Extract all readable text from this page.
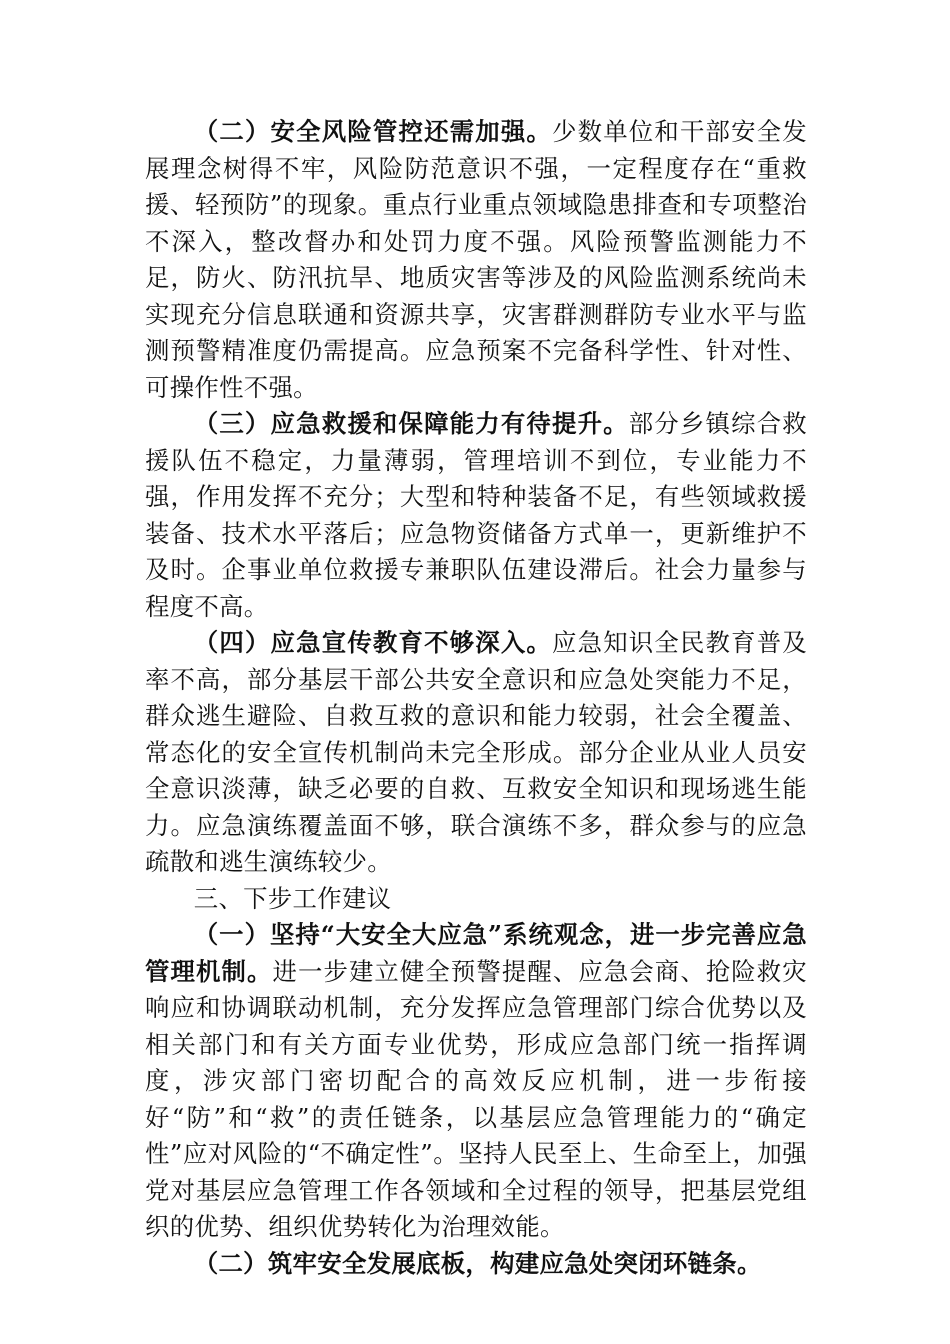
（二）安全风险管控还需加强。少数单位和干部安全发展理念树得不牢，风险防范意识不强，一定程度存在“重救援、轻预防”的现象。重点行业重点领域隐患排查和专项整治不深入，整改督办和处罚力度不强。风险预警监测能力不足，防火、防汛抗旱、地质灾害等涉及的风险监测系统尚未实现充分信息联通和资源共享，灾害群测群防专业水平与监测预警精准度仍需提高。应急预案不完备科学性、针对性、可操作性不强。

（三）应急救援和保障能力有待提升。部分乡镇综合救援队伍不稳定，力量薄弱，管理培训不到位，专业能力不强，作用发挥不充分；大型和特种装备不足，有些领域救援装备、技术水平落后；应急物资储备方式单一，更新维护不及时。企事业单位救援专兼职队伍建设滞后。社会力量参与程度不高。

（四）应急宣传教育不够深入。应急知识全民教育普及率不高，部分基层干部公共安全意识和应急处突能力不足，群众逃生避险、自救互救的意识和能力较弱，社会全覆盖、常态化的安全宣传机制尚未完全形成。部分企业从业人员安全意识淡薄，缺乏必要的自救、互救安全知识和现场逃生能力。应急演练覆盖面不够，联合演练不多，群众参与的应急疏散和逃生演练较少。

三、下步工作建议

（一）坚持“大安全大应急”系统观念，进一步完善应急管理机制。进一步建立健全预警提醒、应急会商、抢险救灾响应和协调联动机制，充分发挥应急管理部门综合优势以及相关部门和有关方面专业优势，形成应急部门统一指挥调度，涉灾部门密切配合的高效反应机制，进一步衔接好“防”和“救”的责任链条，以基层应急管理能力的“确定性”应对风险的“不确定性”。坚持人民至上、生命至上，加强党对基层应急管理工作各领域和全过程的领导，把基层党组织的优势、组织优势转化为治理效能。

（二）筑牢安全发展底板，构建应急处突闭环链条。
